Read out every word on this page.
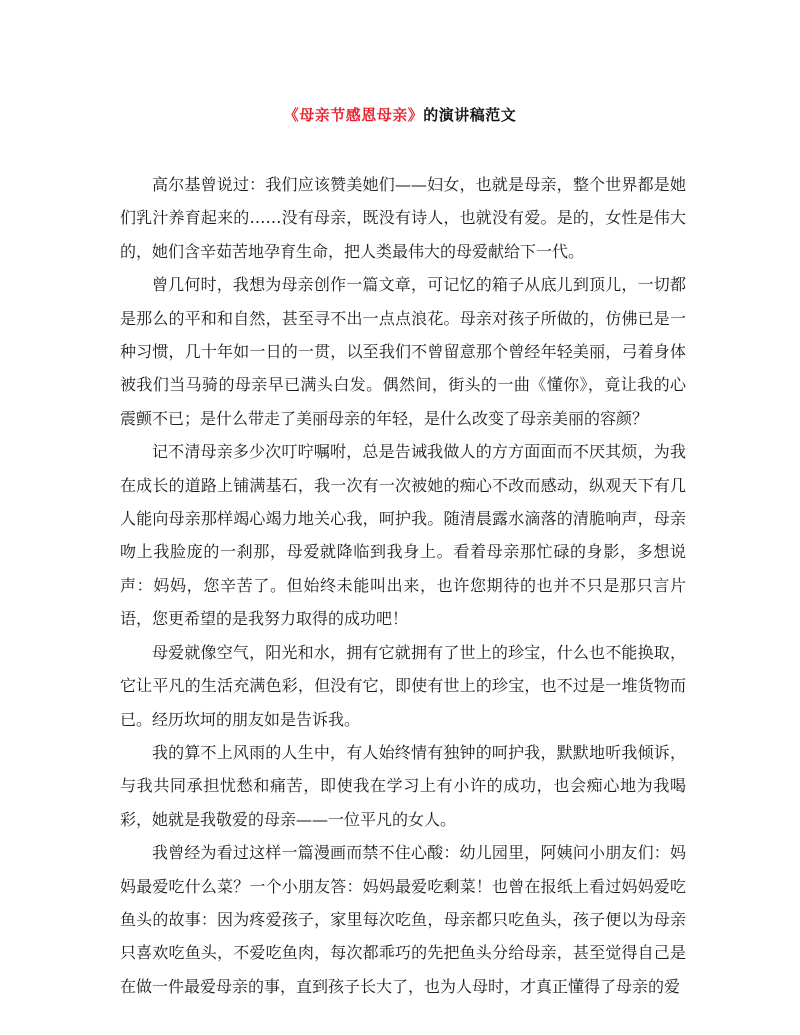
《母亲节感恩母亲》的演讲稿范文

高尔基曾说过：我们应该赞美她们——妇女，也就是母亲，整个世界都是她们乳汁养育起来的……没有母亲，既没有诗人，也就没有爱。是的，女性是伟大的，她们含辛茹苦地孕育生命，把人类最伟大的母爱献给下一代。

曾几何时，我想为母亲创作一篇文章，可记忆的箱子从底儿到顶儿，一切都是那么的平和和自然，甚至寻不出一点点浪花。母亲对孩子所做的，仿佛已是一种习惯，几十年如一日的一贯，以至我们不曾留意那个曾经年轻美丽，弓着身体被我们当马骑的母亲早已满头白发。偶然间，街头的一曲《懂你》，竟让我的心震颤不已；是什么带走了美丽母亲的年轻，是什么改变了母亲美丽的容颜？

记不清母亲多少次叮咛嘱咐，总是告诫我做人的方方面面而不厌其烦，为我在成长的道路上铺满基石，我一次有一次被她的痴心不改而感动，纵观天下有几人能向母亲那样竭心竭力地关心我，呵护我。随清晨露水滴落的清脆响声，母亲吻上我脸庞的一刹那，母爱就降临到我身上。看着母亲那忙碌的身影，多想说声：妈妈，您辛苦了。但始终未能叫出来，也许您期待的也并不只是那只言片语，您更希望的是我努力取得的成功吧！

母爱就像空气，阳光和水，拥有它就拥有了世上的珍宝，什么也不能换取，它让平凡的生活充满色彩，但没有它，即使有世上的珍宝，也不过是一堆货物而已。经历坎坷的朋友如是告诉我。

我的算不上风雨的人生中，有人始终情有独钟的呵护我，默默地听我倾诉，与我共同承担忧愁和痛苦，即使我在学习上有小许的成功，也会痴心地为我喝彩，她就是我敬爱的母亲——一位平凡的女人。

我曾经为看过这样一篇漫画而禁不住心酸：幼儿园里，阿姨问小朋友们：妈妈最爱吃什么菜？一个小朋友答：妈妈最爱吃剩菜！也曾在报纸上看过妈妈爱吃鱼头的故事：因为疼爱孩子，家里每次吃鱼，母亲都只吃鱼头，孩子便以为母亲只喜欢吃鱼头，不爱吃鱼肉，每次都乖巧的先把鱼头分给母亲，甚至觉得自己是在做一件最爱母亲的事，直到孩子长大了，也为人母时，才真正懂得了母亲的爱
